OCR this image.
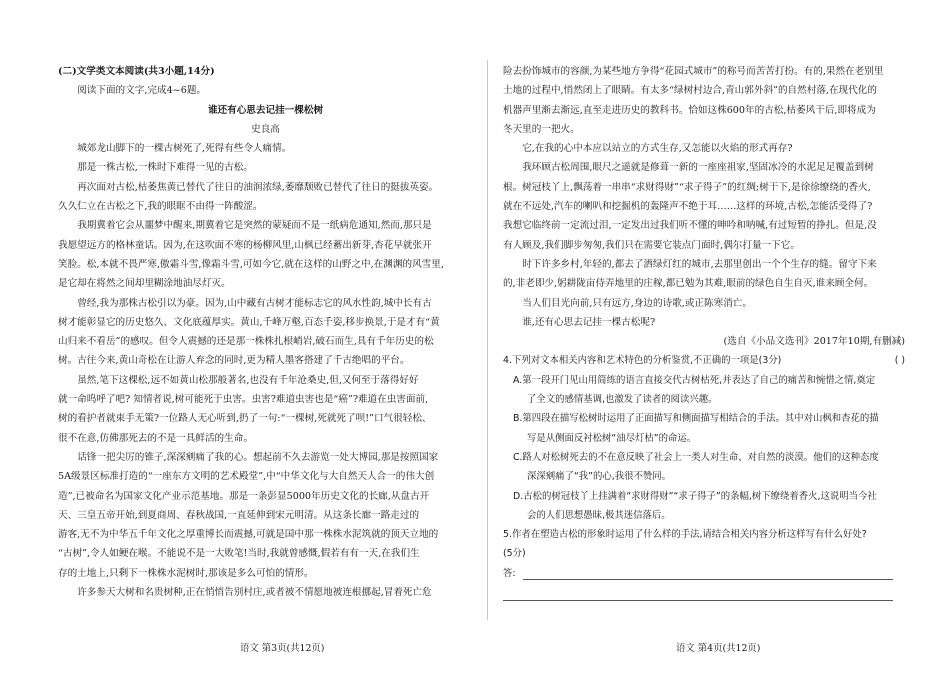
(二)文学类文本阅读(共3小题,14分)

阅读下面的文字,完成4~6题。

谁还有心思去记挂一棵松树

史良高

城郊龙山脚下的一棵古树死了,死得有些令人痛情。

那是一株古松,一株时下难得一见的古松。

再次面对古松,枯萎焦黄已替代了往日的油润浓绿,萎靡颓败已替代了往日的挺拔英姿。

久久仁立在古松之下,我的眼眶不由得一阵酸涩。

我期冀着它会从噩梦中醒来,期冀着它是突然的蒙疑而不是一纸病危通知,然而,那只是

我愿望远方的格林童话。因为,在这吹面不寒的杨柳风里,山枫已经蓄出新芽,杏花早就张开

笑脸。松,本就不畏严寒,傲霜斗雪,像霜斗雪,可如今它,就在这样的山野之中,在渊渊的风雪里,

是它却在将然之间却里糊涂地油尽灯灭。

曾经,我为那株古松引以为豪。因为,山中藏有古树才能标志它的风水性韵,城中长有古

树才能彰显它的历史悠久、文化底蕴厚实。黄山,千峰万壑,百态千姿,移步换景,于是才有“黄

山归来不看岳”的感叹。但令人震撼的还是那一株株扎根峭岩,破石而生,具有千年历史的松

树。古往今来,黄山奇松在让游人弃念的同时,更为精人墨客搭建了千古绝唱的平台。

虽然,笔下这棵松,远不如黄山松那般著名,也没有千年沧桑史,但,又何至于落得好好

就一命呜呼了吧? 知情者说,树可能死于虫害。虫害?难道虫害也是“癌”?难道在虫害面前,

树的看护者就束手无策?一位路人无心听到,扔了一句:“一棵树,死就死了呗!”口气很轻松、

很不在意,仿佛那死去的不是一具鲜活的生命。

话锋一把尖厉的锥子,深深剜痛了我的心。想起前不久去游览一处大博园,那是按照国家

5A级景区标准打造的“一座东方文明的艺术殿堂”,中“中华文化与大自然天人合一的伟大创

造”,已被命名为国家文化产业示范基地。那是一条彭显5000年历史文化的长廊,从盘古开

天、三皇五帝开始,到夏商周、春秋战国,一直延伸到宋元明清。从这条长廊一路走过的

游客,无不为中华五千年文化之厚重博长而震撼,可就是国中那一株株水泥筑就的顶天立地的

“古树”,令人如鲠在喉。不能说不是一大败笔!当时,我就曾感慨,假若有有一天,在我们生

存的土地上,只剩下一株株水泥树时,那该是多么可怕的情形。

许多参天大树和名贵树种,正在悄悄告别村庄,或者被不情愿地被连根挪起,冒着死亡危

语文 第3页(共12页)

险去扮饰城市的容颜,为某些地方争得“花园式城市”的称号而苦苦打扮。有的,果然在老别里

土地的过程中,悄然闭上了眼睛。有太多“绿树村边合,青山郭外斜”的自然村落,在现代化的

机器声里渐去渐远,直至走进历史的教科书。恰如这株600年的古松,枯萎风干后,即将成为

冬天里的一把火。

它,在我的心中本应以站立的方式生存,又怎能以火焰的形式再存?

我环顾古松周围,眼尺之遥就是修葺一新的一座座祖家,坚固冰冷的水泥足足覆盖到树

根。树冠枝丫上,飘荡着一串串“求财得财”“求子得子”的红绸;树干下,是徐徐缭绕的香火,

就在不远处,汽车的喇叭和挖掘机的轰隆声不绝于耳……这样的环境,古松,怎能活受得了?

我想它临终前一定流过泪,一定发出过我们听不懂的呻吟和呐喊,有过短暂的挣扎。但是,没

有人顾及,我们脚步匆匆,我们只在需要它装点门面时,偶尔打量一下它。

时下许多乡村,年轻的,都去了洒绿灯红的城市,去那里创出一个个生存的缝。留守下来

的,非老即少,躬耕陇亩侍弄地里的庄稼,都已勉为其难,眼前的绿色自生自灭,谁来顾全何。

当人们目光向前,只有远方,身边的诗歌,或正陈寒消亡。

谁,还有心思去记挂一棵古松呢?

(选自《小品文选刊》2017年10期,有删减)

4.下列对文本相关内容和艺术特色的分析鉴赏,不正确的一项是(3分)	( )

A.第一段开门见山用简练的语言直接交代古树枯死,并表达了自己的痛苦和惋惜之情,奠定

了全文的感情基调,也激发了读者的阅读兴趣。

B.第四段在描写松树时运用了正面描写和侧面描写相结合的手法。其中对山枫和杏花的描

写是从侧面反衬松树“油尽灯枯”的命运。

C.路人对松树死去的不在意反映了社会上一类人对生命、对自然的淡漠。他们的这种态度

深深剜痛了“我”的心,我很不赞同。

D.古松的树冠枝丫上挂满着“求财得财”“求子得子”的条幅,树下缭绕着香火,这说明当今社

会的人们思想愚昧,极其迷信落后。

5.作者在塑造古松的形象时运用了什么样的手法,请结合相关内容分析这样写有什么好处?

(5分)

答:

语文 第4页(共12页)
